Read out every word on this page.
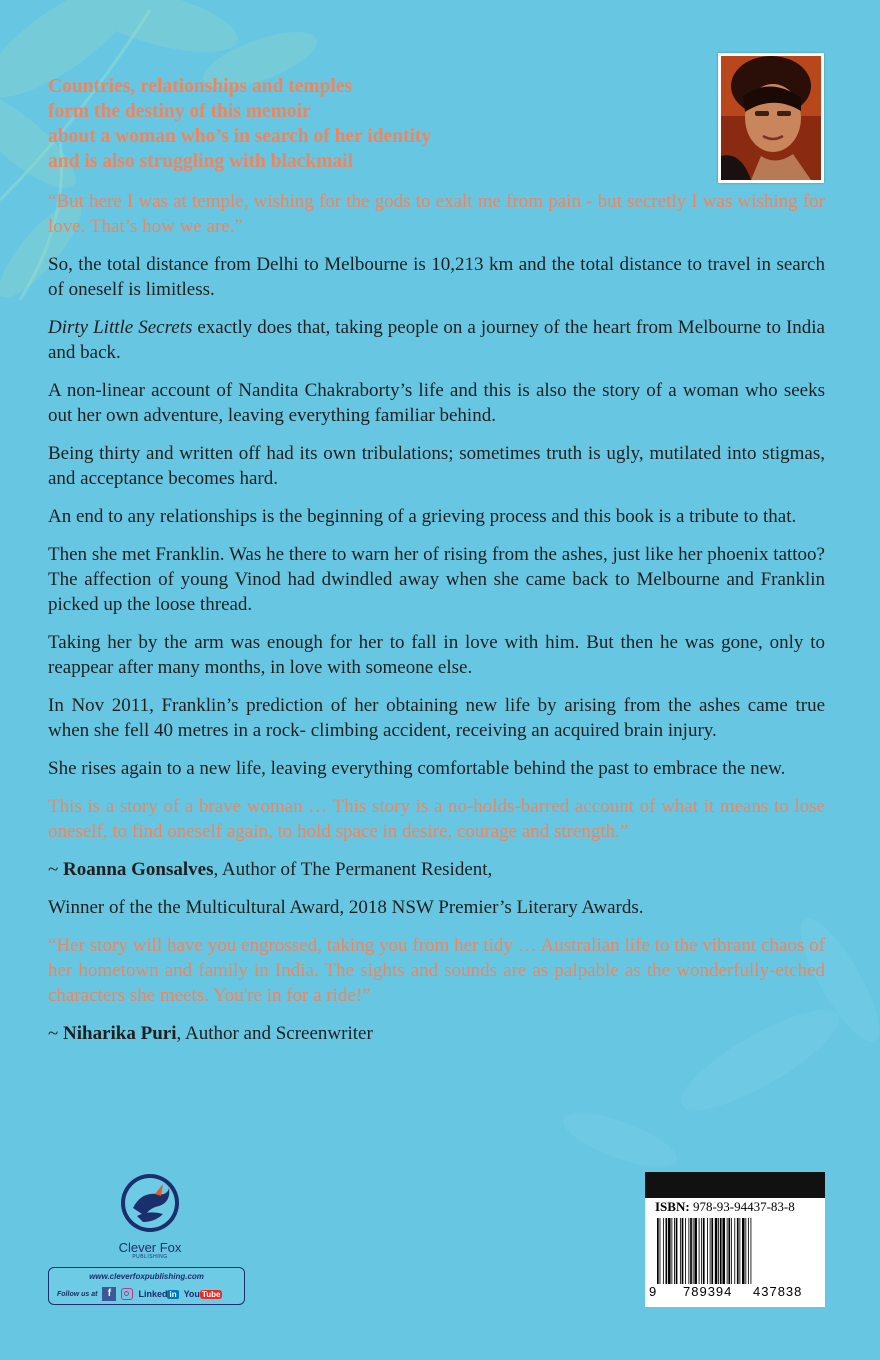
Countries, relationships and temples
form the destiny of this memoir
about a woman who’s in search of her identity
and is also struggling with blackmail

“But here I was at temple, wishing for the gods to exalt me from pain - but secretly I was wishing for love. That’s how we are.”

So, the total distance from Delhi to Melbourne is 10,213 km and the total distance to travel in search of oneself is limitless.

Dirty Little Secrets exactly does that, taking people on a journey of the heart from Melbourne to India and back.

A non-linear account of Nandita Chakraborty’s life and this is also the story of a woman who seeks out her own adventure, leaving everything familiar behind.

Being thirty and written off had its own tribulations; sometimes truth is ugly, mutilated into stigmas, and acceptance becomes hard.

An end to any relationships is the beginning of a grieving process and this book is a tribute to that.

Then she met Franklin. Was he there to warn her of rising from the ashes, just like her phoenix tattoo? The affection of young Vinod had dwindled away when she came back to Melbourne and Franklin picked up the loose thread.

Taking her by the arm was enough for her to fall in love with him. But then he was gone, only to reappear after many months, in love with someone else.

In Nov 2011, Franklin’s prediction of her obtaining new life by arising from the ashes came true when she fell 40 metres in a rock- climbing accident, receiving an acquired brain injury.

She rises again to a new life, leaving everything comfortable behind the past to embrace the new.

This is a story of a brave woman … This story is a no-holds-barred account of what it means to lose oneself, to find oneself again, to hold space in desire, courage and strength.”

~ Roanna Gonsalves, Author of The Permanent Resident,

Winner of the the Multicultural Award, 2018 NSW Premier’s Literary Awards.

“Her story will have you engrossed, taking you from her tidy … Australian life to the vibrant chaos of her hometown and family in India. The sights and sounds are as palpable as the wonderfully-etched characters she meets. You're in for a ride!”

~ Niharika Puri, Author and Screenwriter

Clever Fox
PUBLISHING
www.cleverfoxpublishing.com
Follow us at	f	Linked in You Tube
ISBN: 978-93-94437-83-8
9 789394 437838
